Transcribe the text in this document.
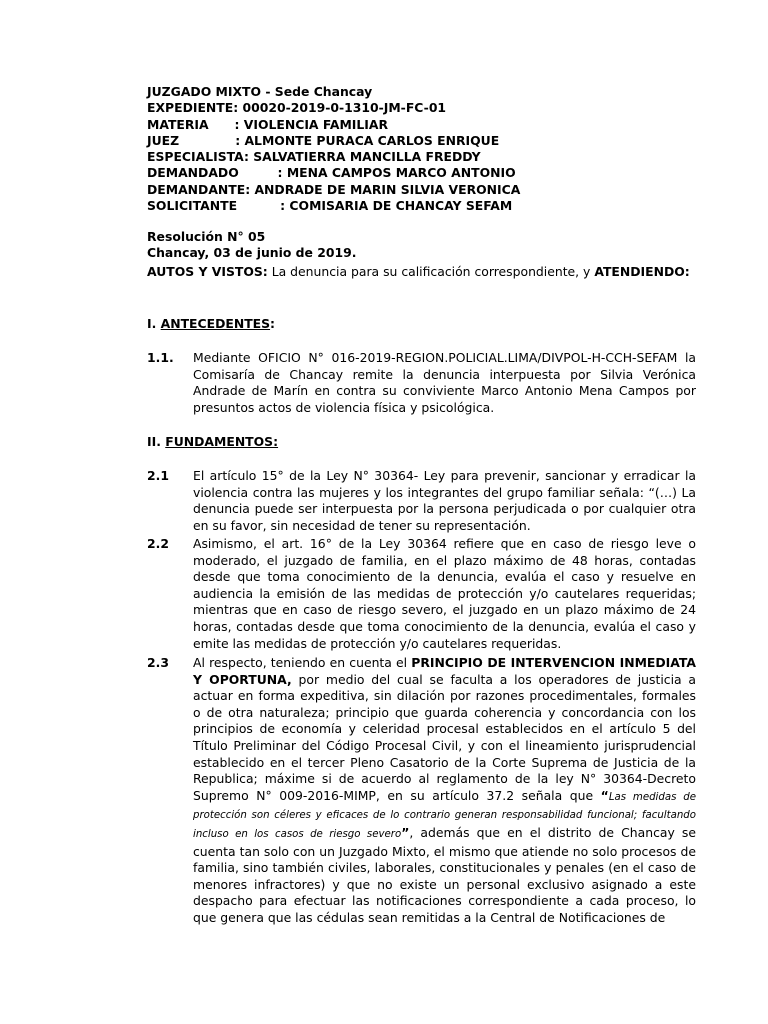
JUZGADO MIXTO - Sede Chancay
EXPEDIENTE: 00020-2019-0-1310-JM-FC-01
MATERIA      : VIOLENCIA FAMILIAR
JUEZ             : ALMONTE PURACA CARLOS ENRIQUE
ESPECIALISTA: SALVATIERRA MANCILLA FREDDY
DEMANDADO         : MENA CAMPOS MARCO ANTONIO
DEMANDANTE: ANDRADE DE MARIN SILVIA VERONICA
SOLICITANTE          : COMISARIA DE CHANCAY SEFAM
Resolución N° 05
Chancay, 03 de junio de 2019.
AUTOS Y VISTOS: La denuncia para su calificación correspondiente, y ATENDIENDO:
I. ANTECEDENTES:
1.1. Mediante OFICIO N° 016-2019-REGION.POLICIAL.LIMA/DIVPOL-H-CCH-SEFAM la Comisaría de Chancay remite la denuncia interpuesta por Silvia Verónica Andrade de Marín en contra su conviviente Marco Antonio Mena Campos por presuntos actos de violencia física y psicológica.
II. FUNDAMENTOS:
2.1 El artículo 15° de la Ley N° 30364- Ley para prevenir, sancionar y erradicar la violencia contra las mujeres y los integrantes del grupo familiar señala: “(…) La denuncia puede ser interpuesta por la persona perjudicada o por cualquier otra en su favor, sin necesidad de tener su representación.
2.2 Asimismo, el art. 16° de la Ley 30364 refiere que en caso de riesgo leve o moderado, el juzgado de familia, en el plazo máximo de 48 horas, contadas desde que toma conocimiento de la denuncia, evalúa el caso y resuelve en audiencia la emisión de las medidas de protección y/o cautelares requeridas; mientras que en caso de riesgo severo, el juzgado en un plazo máximo de 24 horas, contadas desde que toma conocimiento de la denuncia, evalúa el caso y emite las medidas de protección y/o cautelares requeridas.
2.3 Al respecto, teniendo en cuenta el PRINCIPIO DE INTERVENCION INMEDIATA Y OPORTUNA, por medio del cual se faculta a los operadores de justicia a actuar en forma expeditiva, sin dilación por razones procedimentales, formales o de otra naturaleza; principio que guarda coherencia y concordancia con los principios de economía y celeridad procesal establecidos en el artículo 5 del Título Preliminar del Código Procesal Civil, y con el lineamiento jurisprudencial establecido en el tercer Pleno Casatorio de la Corte Suprema de Justicia de la Republica; máxime si de acuerdo al reglamento de la ley N° 30364-Decreto Supremo N° 009-2016-MIMP, en su artículo 37.2 señala que “Las medidas de protección son céleres y eficaces de lo contrario generan responsabilidad funcional; facultando incluso en los casos de riesgo severo”, además que en el distrito de Chancay se cuenta tan solo con un Juzgado Mixto, el mismo que atiende no solo procesos de familia, sino también civiles, laborales, constitucionales y penales (en el caso de menores infractores) y que no existe un personal exclusivo asignado a este despacho para efectuar las notificaciones correspondiente a cada proceso, lo que genera que las cédulas sean remitidas a la Central de Notificaciones de
